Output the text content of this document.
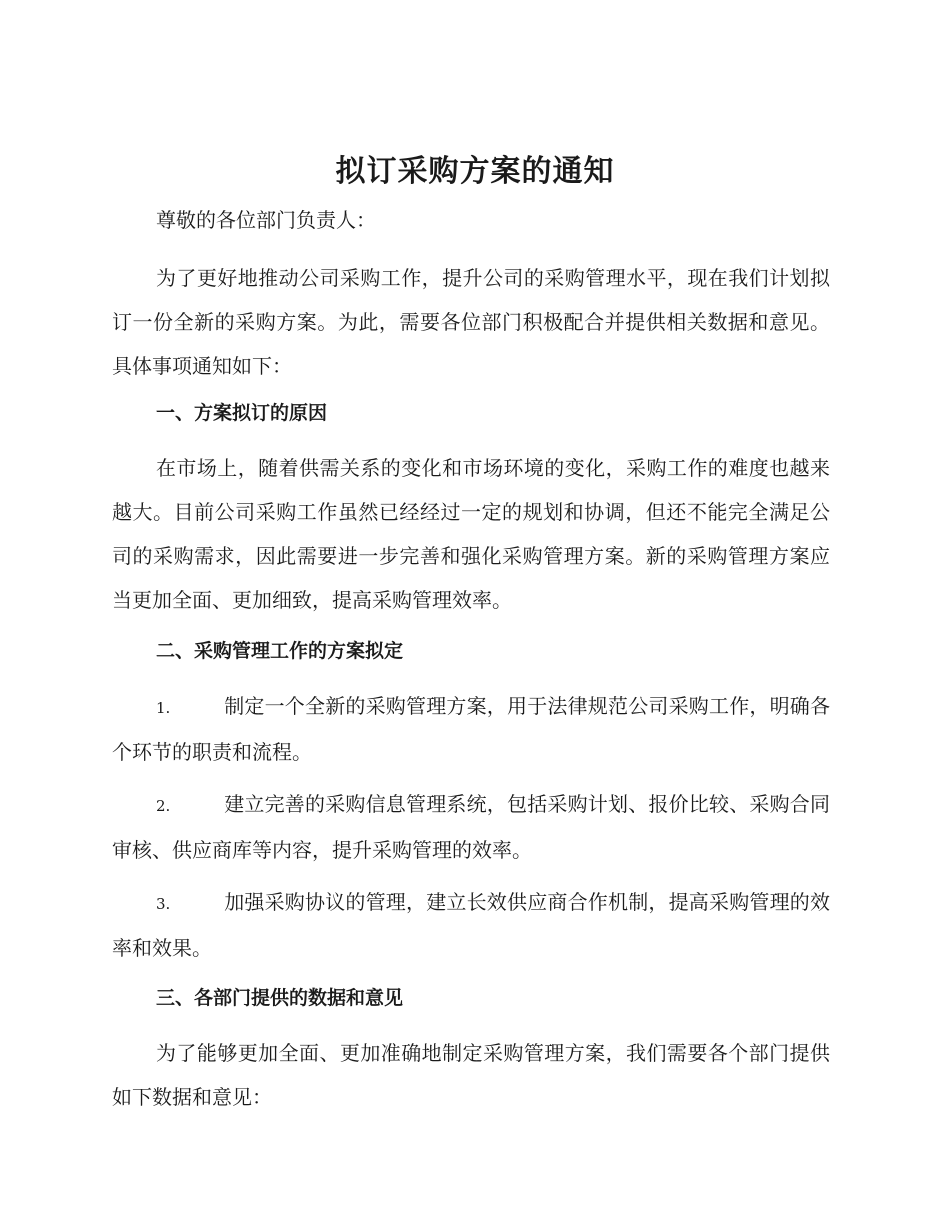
拟订采购方案的通知
尊敬的各位部门负责人：

为了更好地推动公司采购工作，提升公司的采购管理水平，现在我们计划拟订一份全新的采购方案。为此，需要各位部门积极配合并提供相关数据和意见。具体事项通知如下：

一、方案拟订的原因

在市场上，随着供需关系的变化和市场环境的变化，采购工作的难度也越来越大。目前公司采购工作虽然已经经过一定的规划和协调，但还不能完全满足公司的采购需求，因此需要进一步完善和强化采购管理方案。新的采购管理方案应当更加全面、更加细致，提高采购管理效率。

二、采购管理工作的方案拟定

1.	制定一个全新的采购管理方案，用于法律规范公司采购工作，明确各个环节的职责和流程。

2.	建立完善的采购信息管理系统，包括采购计划、报价比较、采购合同审核、供应商库等内容，提升采购管理的效率。

3.	加强采购协议的管理，建立长效供应商合作机制，提高采购管理的效率和效果。

三、各部门提供的数据和意见

为了能够更加全面、更加准确地制定采购管理方案，我们需要各个部门提供如下数据和意见：
